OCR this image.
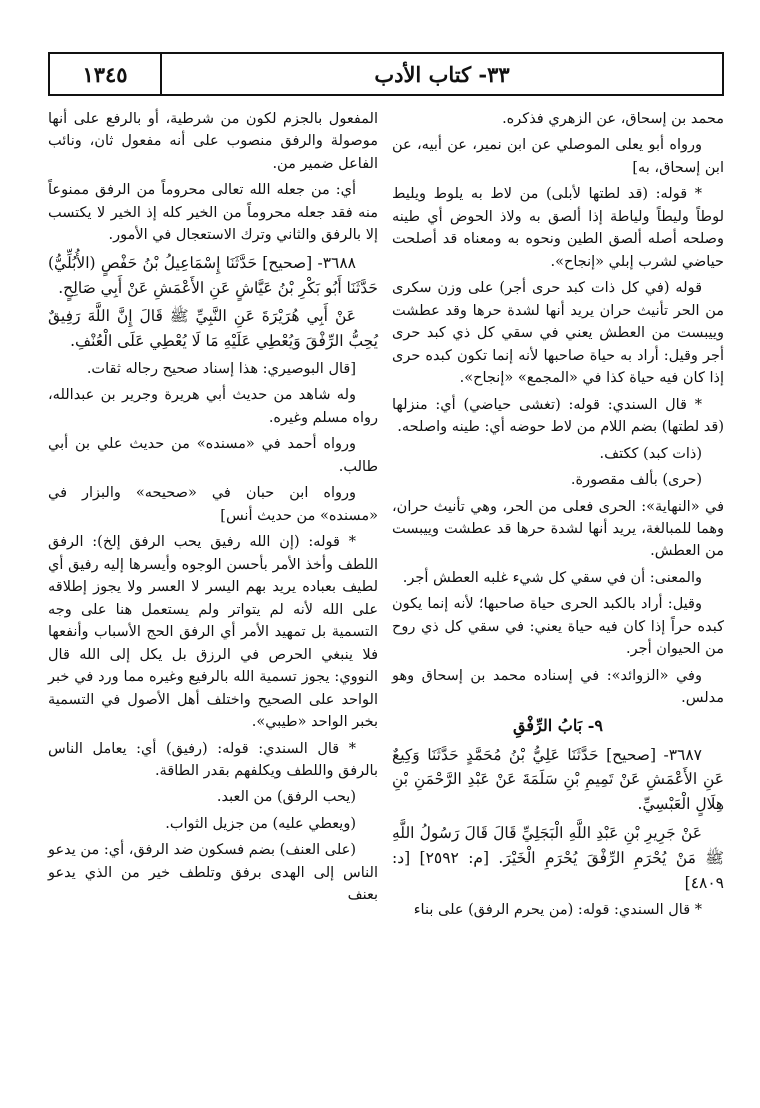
٣٣- كتاب الأدب
١٣٤٥

محمد بن إسحاق، عن الزهري فذكره.

ورواه أبو يعلى الموصلي عن ابن نمير، عن أبيه، عن ابن إسحاق، به]

* قوله: (قد لطتها لأبلى) من لاط به يلوط ويليط لوطاً وليطاً ولياطة إذا ألصق به ولاذ الحوض أي طينه وصلحه أصله ألصق الطين ونحوه به ومعناه قد أصلحت حياضي لشرب إبلي «إنجاح».

قوله (في كل ذات كبد حرى أجر) على وزن سكرى من الحر تأنيث حران يريد أنها لشدة حرها وقد عطشت وييبست من العطش يعني في سقي كل ذي كبد حرى أجر وقيل: أراد به حياة صاحبها لأنه إنما تكون كبده حرى إذا كان فيه حياة كذا في «المجمع» «إنجاح».

* قال السندي: قوله: (تغشى حياضي) أي: منزلها (قد لطتها) بضم اللام من لاط حوضه أي: طينه واصلحه.

(ذات كبد) ككتف.

(حرى) بألف مقصورة.

في «النهاية»: الحرى فعلى من الحر، وهي تأنيث حران، وهما للمبالغة، يريد أنها لشدة حرها قد عطشت وييبست من العطش.

والمعنى: أن في سقي كل شيء غلبه العطش أجر.

وقيل: أراد بالكبد الحرى حياة صاحبها؛ لأنه إنما يكون كبده حراً إذا كان فيه حياة يعني: في سقي كل ذي روح من الحيوان أجر.

وفي «الزوائد»: في إسناده محمد بن إسحاق وهو مدلس.

٩- بَابُ الرِّفْقِ

٣٦٨٧- [صحيح] حَدَّثَنَا عَلِيُّ بْنُ مُحَمَّدٍ حَدَّثَنَا وَكِيعٌ عَنِ الأَعْمَشِ عَنْ تَمِيمِ بْنِ سَلَمَةَ عَنْ عَبْدِ الرَّحْمَنِ بْنِ هِلَالٍ الْعَبْسِيِّ.

عَنْ جَرِيرِ بْنِ عَبْدِ اللَّهِ الْبَجَلِيِّ قَالَ قَالَ رَسُولُ اللَّهِ ﷺ مَنْ يُحْرَمِ الرِّفْقَ يُحْرَمِ الْخَيْرَ. [م: ٢٥٩٢] [د: ٤٨٠٩]

* قال السندي: قوله: (من يحرم الرفق) على بناء

المفعول بالجزم لكون من شرطية، أو بالرفع على أنها موصولة والرفق منصوب على أنه مفعول ثان، ونائب الفاعل ضمير من.

أي: من جعله الله تعالى محروماً من الرفق ممنوعاً منه فقد جعله محروماً من الخير كله إذ الخير لا يكتسب إلا بالرفق والثاني وترك الاستعجال في الأمور.

٣٦٨٨- [صحيح] حَدَّثَنَا إِسْمَاعِيلُ بْنُ حَفْصٍ (الأُبُلِّيُّ) حَدَّثَنَا أَبُو بَكْرِ بْنُ عَيَّاشٍ عَنِ الأَعْمَشِ عَنْ أَبِي صَالِحٍ.

عَنْ أَبِي هُرَيْرَةَ عَنِ النَّبِيِّ ﷺ قَالَ إِنَّ اللَّهَ رَفِيقٌ يُحِبُّ الرِّفْقَ وَيُعْطِي عَلَيْهِ مَا لَا يُعْطِي عَلَى الْعُنْفِ.

[قال البوصيري: هذا إسناد صحيح رجاله ثقات.

وله شاهد من حديث أبي هريرة وجرير بن عبدالله، رواه مسلم وغيره.

ورواه أحمد في «مسنده» من حديث علي بن أبي طالب.

ورواه ابن حبان في «صحيحه» والبزار في «مسنده» من حديث أنس]

* قوله: (إن الله رفيق يحب الرفق إلخ): الرفق اللطف وأخذ الأمر بأحسن الوجوه وأيسرها إليه رفيق أي لطيف بعباده يريد بهم اليسر لا العسر ولا يجوز إطلاقه على الله لأنه لم يتواتر ولم يستعمل هنا على وجه التسمية بل تمهيد الأمر أي الرفق الحج الأسباب وأنفعها فلا ينبغي الحرص في الرزق بل يكل إلى الله قال النووي: يجوز تسمية الله بالرفيع وغيره مما ورد في خبر الواحد على الصحيح واختلف أهل الأصول في التسمية بخبر الواحد «طيبي».

* قال السندي: قوله: (رفيق) أي: يعامل الناس بالرفق واللطف ويكلفهم بقدر الطاقة.

(يحب الرفق) من العبد.

(ويعطي عليه) من جزيل الثواب.

(على العنف) بضم فسكون ضد الرفق، أي: من يدعو الناس إلى الهدى برفق وتلطف خير من الذي يدعو بعنف
